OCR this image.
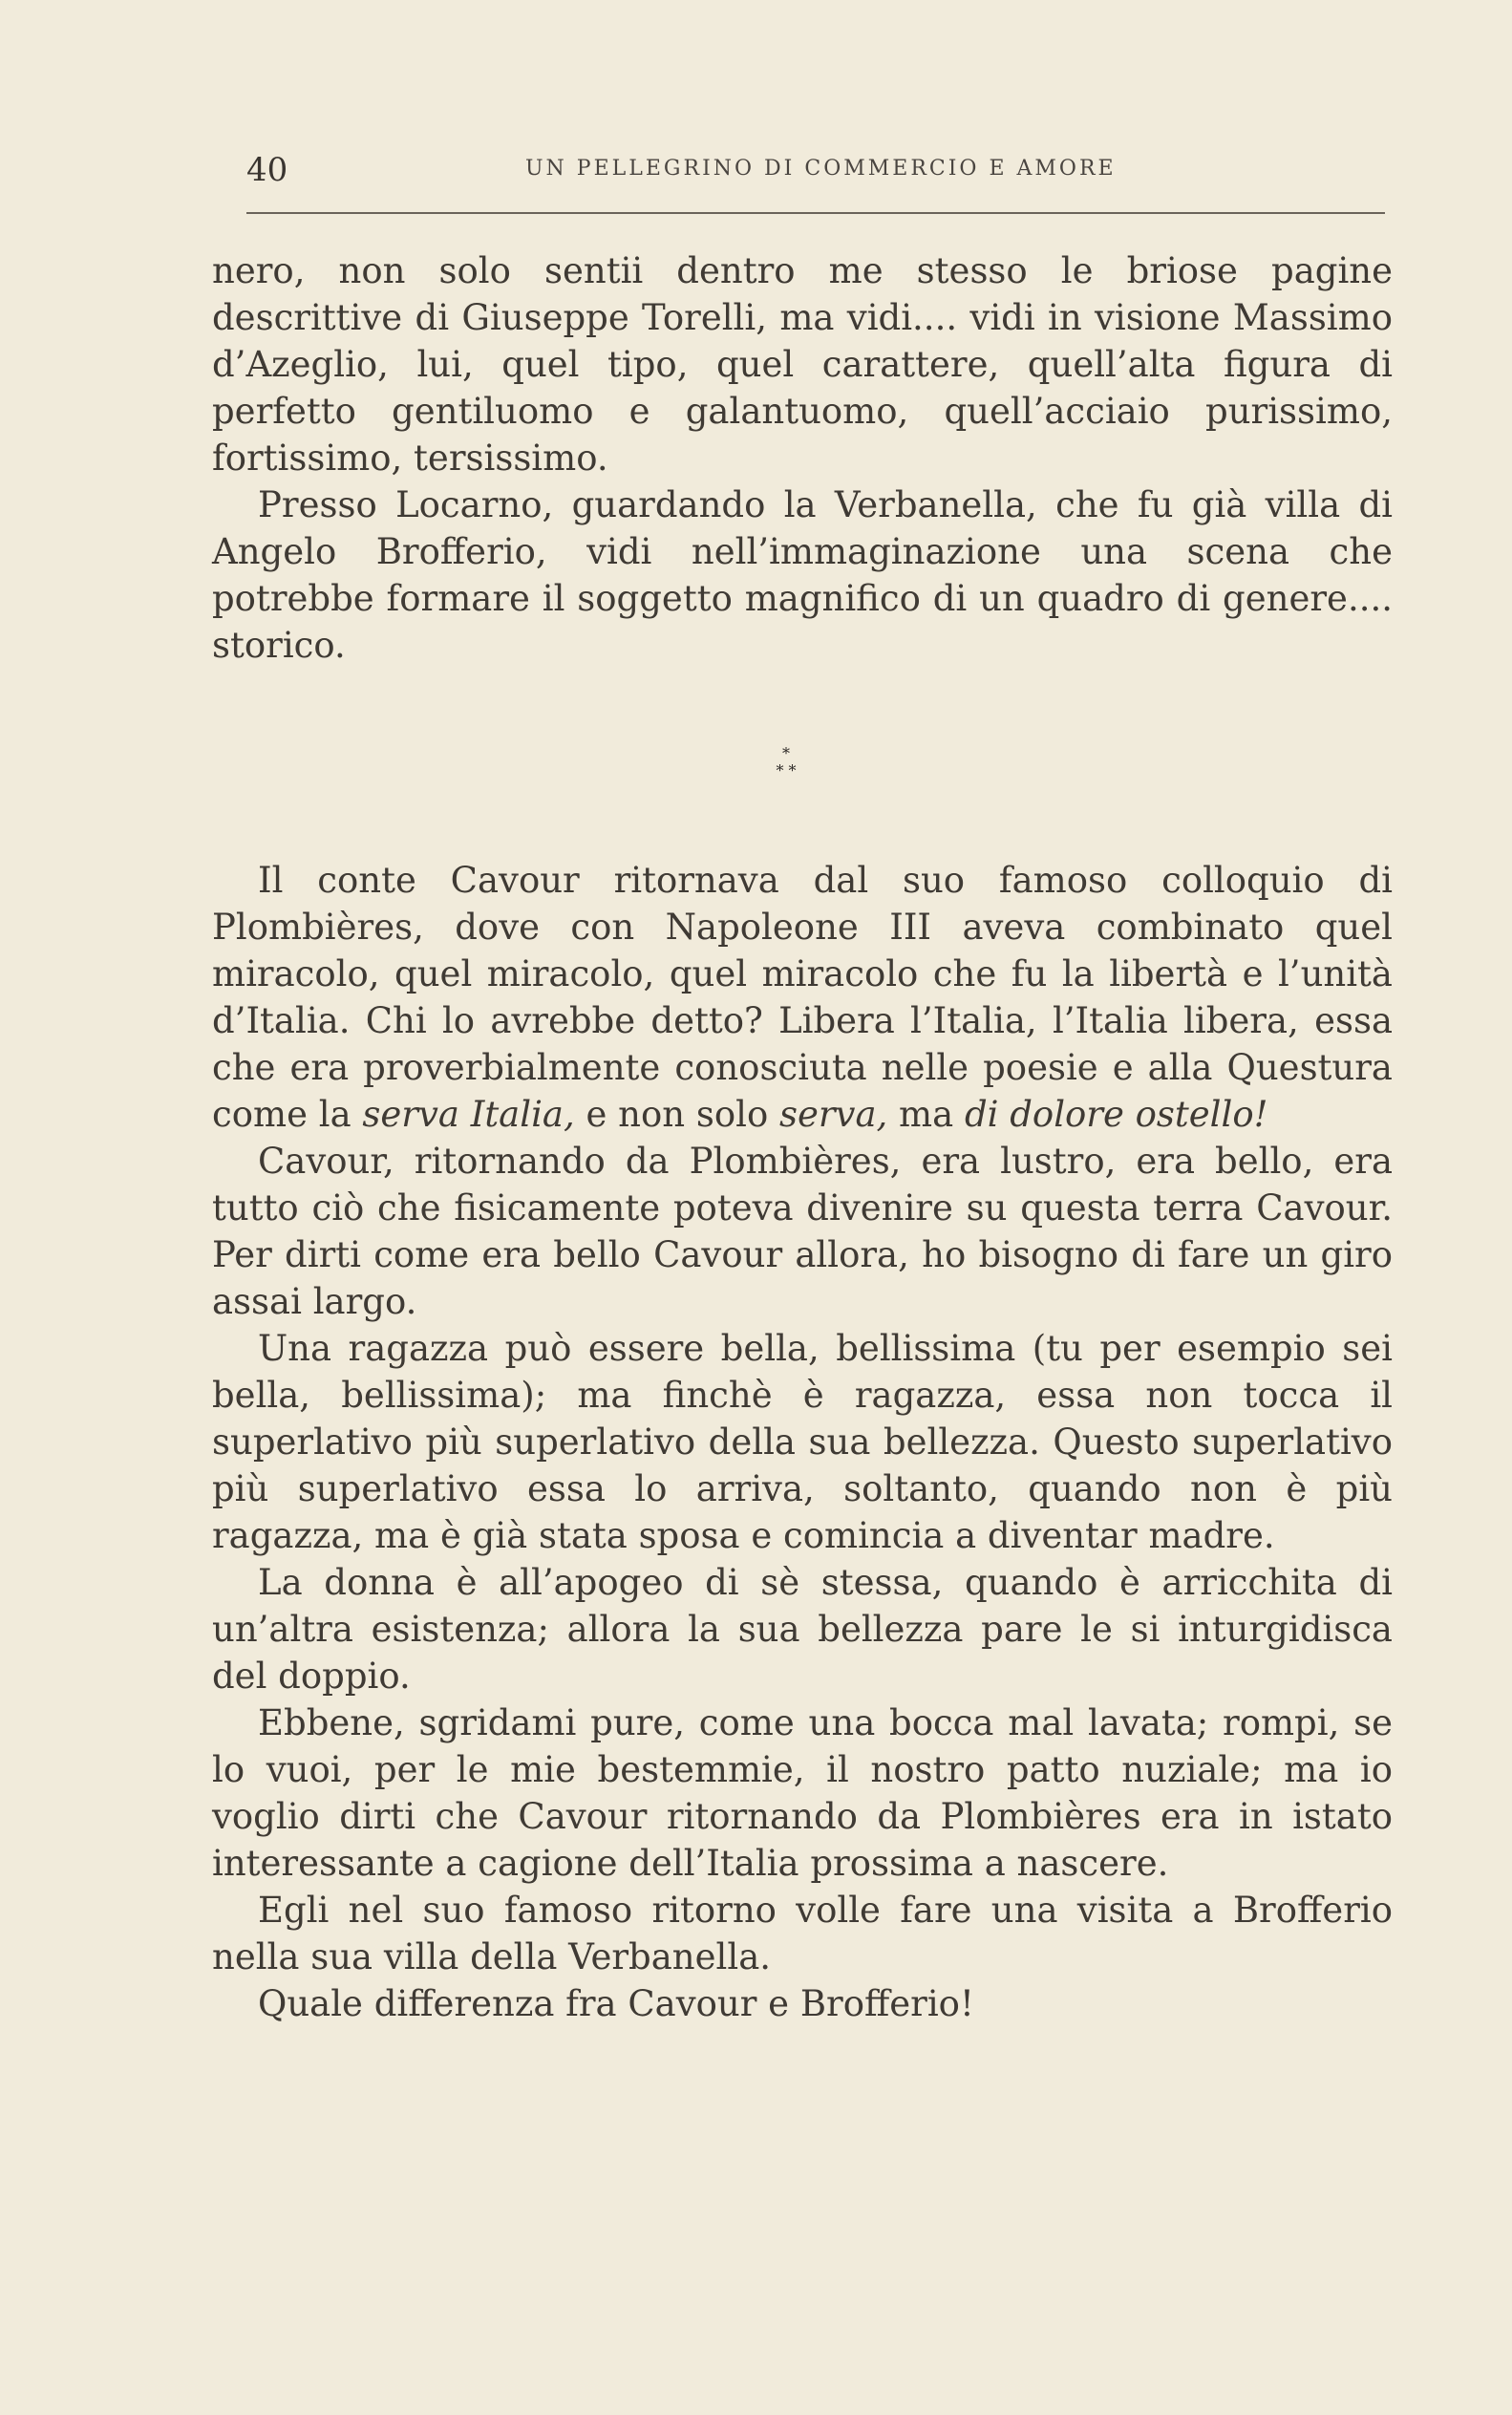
40	UN PELLEGRINO DI COMMERCIO E AMORE

nero, non solo sentii dentro me stesso le briose pagine descrittive di Giuseppe Torelli, ma vidi.... vidi in visione Massimo d’Azeglio, lui, quel tipo, quel carattere, quell’alta figura di perfetto gentiluomo e galantuomo, quell’acciaio purissimo, fortissimo, tersissimo.

Presso Locarno, guardando la Verbanella, che fu già villa di Angelo Brofferio, vidi nell’immaginazione una scena che potrebbe formare il soggetto magnifico di un quadro di genere.... storico.

*
* *

Il conte Cavour ritornava dal suo famoso colloquio di Plombières, dove con Napoleone III aveva combinato quel miracolo, quel miracolo, quel miracolo che fu la libertà e l’unità d’Italia. Chi lo avrebbe detto? Libera l’Italia, l’Italia libera, essa che era proverbialmente conosciuta nelle poesie e alla Questura come la serva Italia, e non solo serva, ma di dolore ostello!

Cavour, ritornando da Plombières, era lustro, era bello, era tutto ciò che fisicamente poteva divenire su questa terra Cavour. Per dirti come era bello Cavour allora, ho bisogno di fare un giro assai largo.

Una ragazza può essere bella, bellissima (tu per esempio sei bella, bellissima); ma finchè è ragazza, essa non tocca il superlativo più superlativo della sua bellezza. Questo superlativo più superlativo essa lo arriva, soltanto, quando non è più ragazza, ma è già stata sposa e comincia a diventar madre.

La donna è all’apogeo di sè stessa, quando è arricchita di un’altra esistenza; allora la sua bellezza pare le si inturgidisca del doppio.

Ebbene, sgridami pure, come una bocca mal lavata; rompi, se lo vuoi, per le mie bestemmie, il nostro patto nuziale; ma io voglio dirti che Cavour ritornando da Plombières era in istato interessante a cagione dell’Italia prossima a nascere.

Egli nel suo famoso ritorno volle fare una visita a Brofferio nella sua villa della Verbanella.

Quale differenza fra Cavour e Brofferio!
